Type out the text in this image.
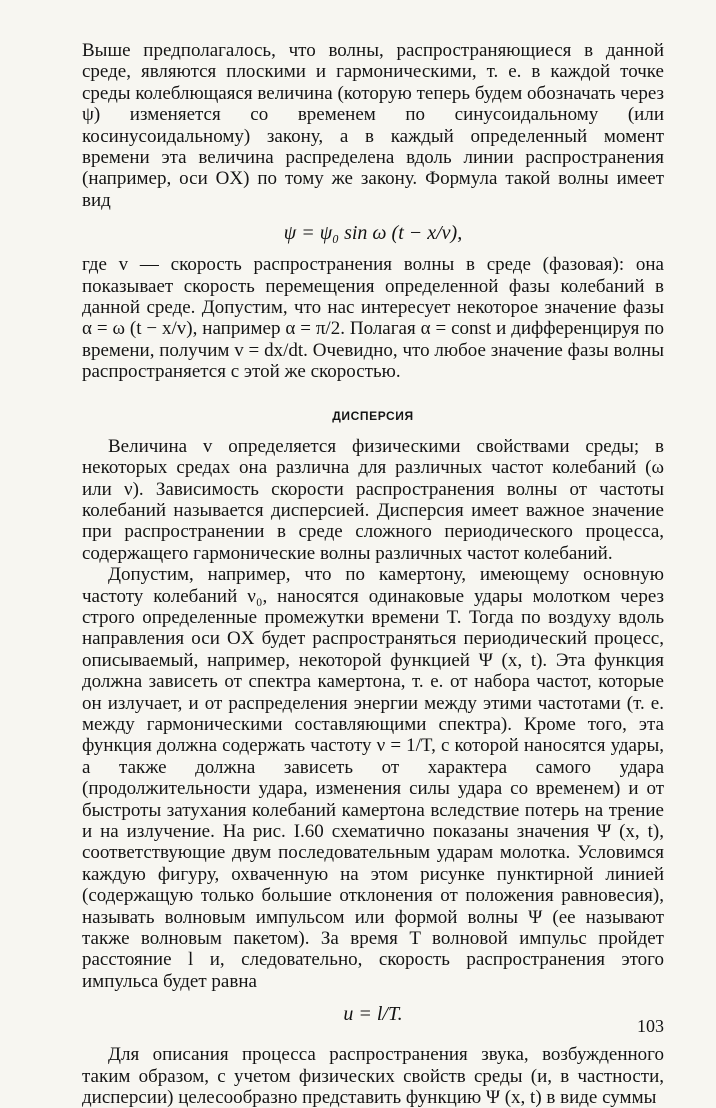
Выше предполагалось, что волны, распространяющиеся в данной среде, являются плоскими и гармоническими, т. е. в каждой точке среды колеблющаяся величина (которую теперь будем обозначать через ψ) изменяется со временем по синусоидальному (или косинусоидальному) закону, а в каждый определенный момент времени эта величина распределена вдоль линии распространения (например, оси OX) по тому же закону. Формула такой волны имеет вид

ψ = ψ₀ sin ω (t − x/v),

где v — скорость распространения волны в среде (фазовая): она показывает скорость перемещения определенной фазы колебаний в данной среде. Допустим, что нас интересует некоторое значение фазы α = ω (t − x/v), например α = π/2. Полагая α = const и дифференцируя по времени, получим v = dx/dt. Очевидно, что любое значение фазы волны распространяется с этой же скоростью.

ДИСПЕРСИЯ

Величина v определяется физическими свойствами среды; в некоторых средах она различна для различных частот колебаний (ω или ν). Зависимость скорости распространения волны от частоты колебаний называется дисперсией. Дисперсия имеет важное значение при распространении в среде сложного периодического процесса, содержащего гармонические волны различных частот колебаний.

Допустим, например, что по камертону, имеющему основную частоту колебаний ν₀, наносятся одинаковые удары молотком через строго определенные промежутки времени T. Тогда по воздуху вдоль направления оси OX будет распространяться периодический процесс, описываемый, например, некоторой функцией Ψ (x, t). Эта функция должна зависеть от спектра камертона, т. е. от набора частот, которые он излучает, и от распределения энергии между этими частотами (т. е. между гармоническими составляющими спектра). Кроме того, эта функция должна содержать частоту ν = 1/T, с которой наносятся удары, а также должна зависеть от характера самого удара (продолжительности удара, изменения силы удара со временем) и от быстроты затухания колебаний камертона вследствие потерь на трение и на излучение. На рис. I.60 схематично показаны значения Ψ (x, t), соответствующие двум последовательным ударам молотка. Условимся каждую фигуру, охваченную на этом рисунке пунктирной линией (содержащую только большие отклонения от положения равновесия), называть волновым импульсом или формой волны Ψ (ее называют также волновым пакетом). За время T волновой импульс пройдет расстояние l и, следовательно, скорость распространения этого импульса будет равна

u = l/T.

Для описания процесса распространения звука, возбужденного таким образом, с учетом физических свойств среды (и, в частности, дисперсии) целесообразно представить функцию Ψ (x, t) в виде суммы

103
